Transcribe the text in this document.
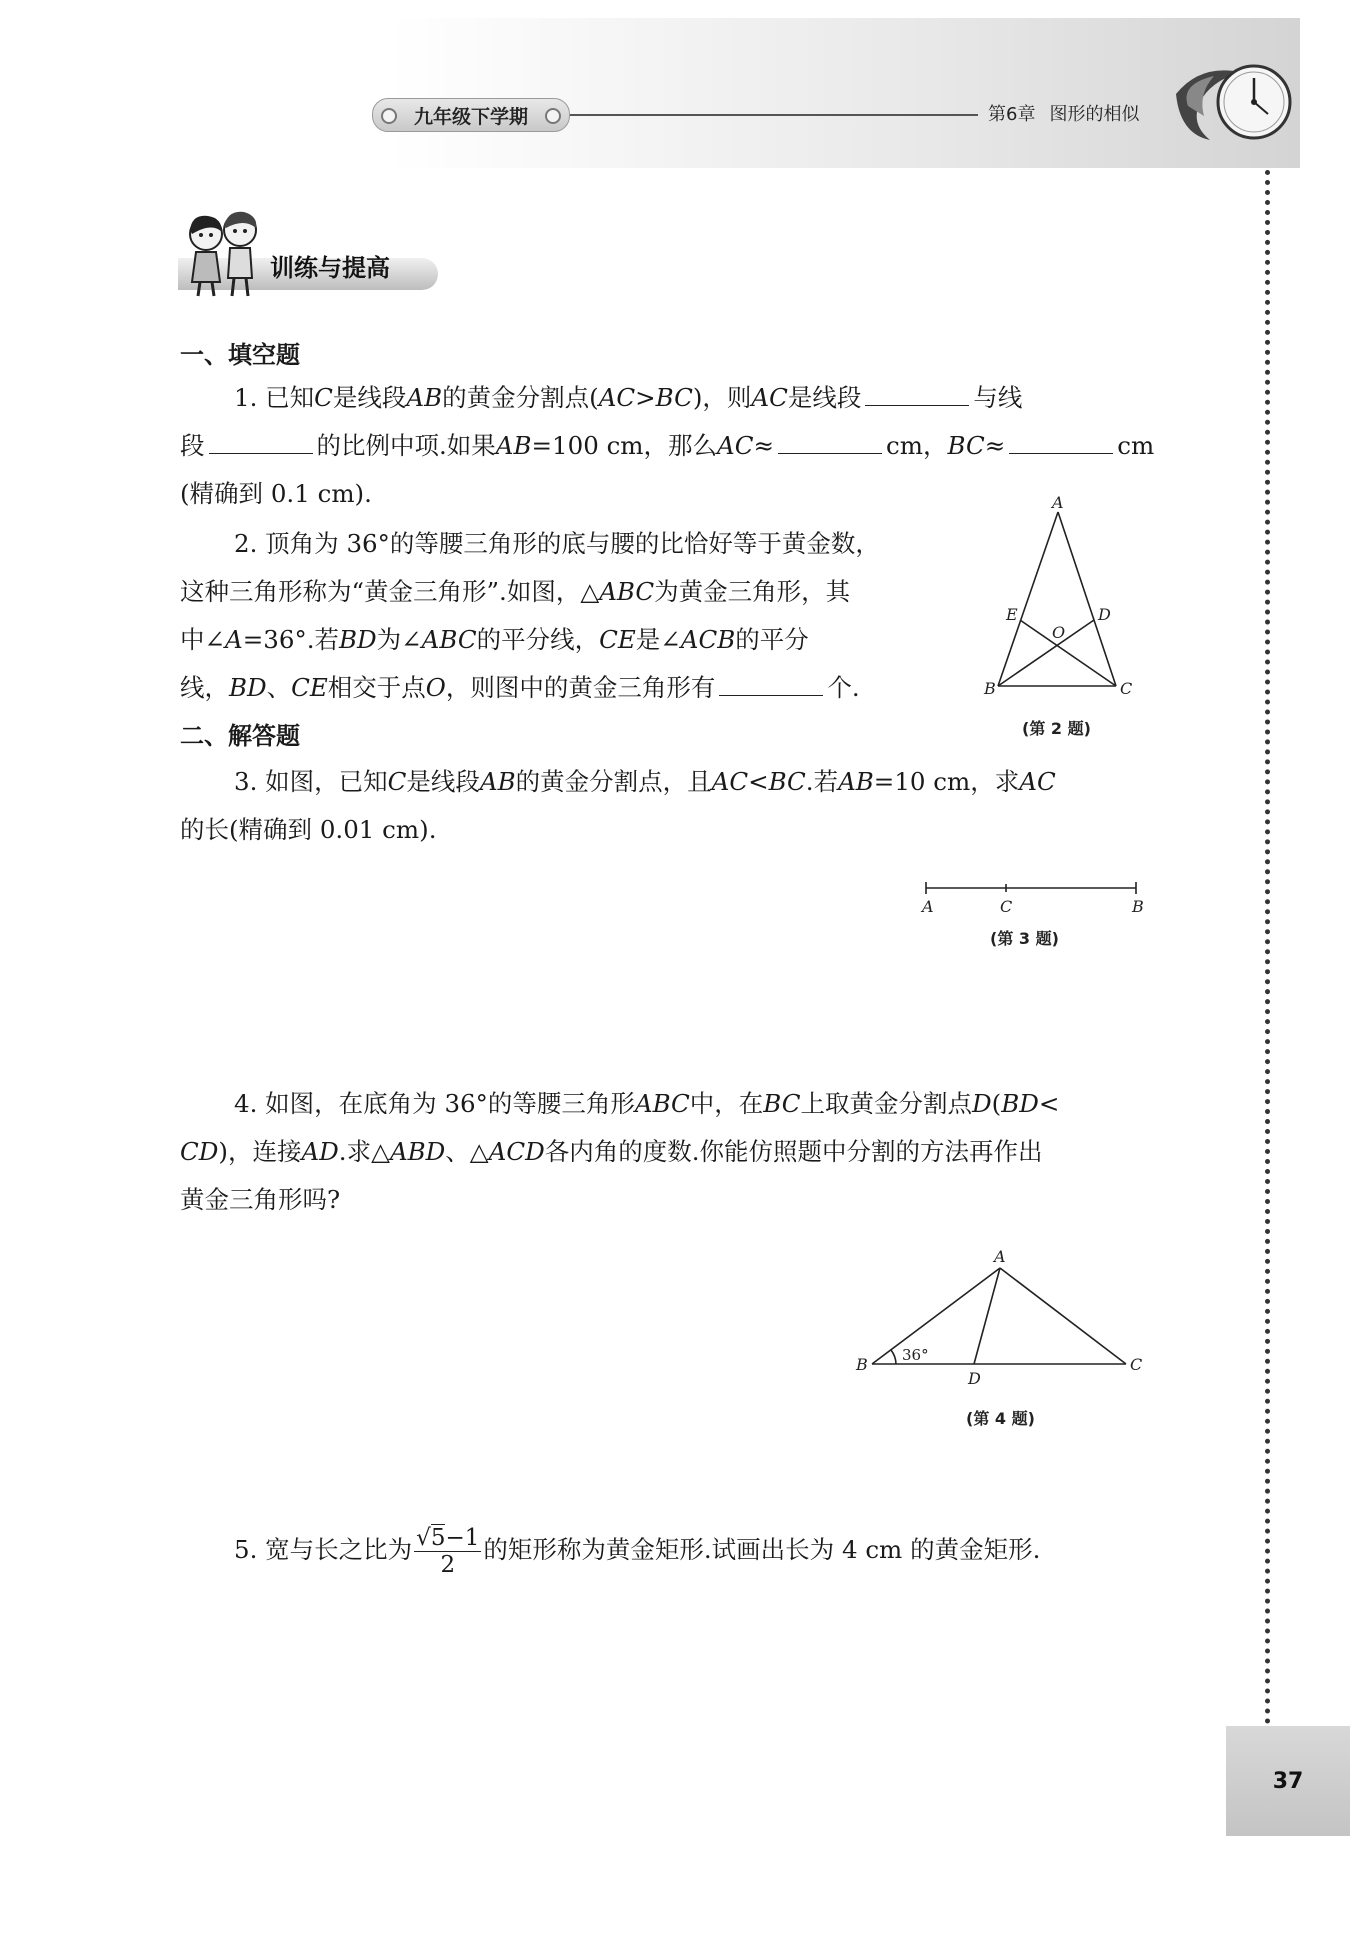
九年级下学期	第6章 图形的相似
37
训练与提高
一、填空题
1. 已知C是线段AB的黄金分割点(AC>BC)，则AC是线段	与线
段	的比例中项.如果AB=100 cm，那么AC≈	cm，BC≈	cm
(精确到 0.1 cm).
2. 顶角为 36°的等腰三角形的底与腰的比恰好等于黄金数，
这种三角形称为“黄金三角形”.如图，△ABC为黄金三角形，其
中∠A=36°.若BD为∠ABC的平分线，CE是∠ACB的平分
线，BD、CE相交于点O，则图中的黄金三角形有	个.
A
B	C
D
E
O
(第 2 题)
二、解答题
3. 如图，已知C是线段AB的黄金分割点，且AC<BC.若AB=10 cm，求AC
的长(精确到 0.01 cm).
A	C	B
(第 3 题)
4. 如图，在底角为 36°的等腰三角形ABC中，在BC上取黄金分割点D(BD<
CD)，连接AD.求△ABD、△ACD各内角的度数.你能仿照题中分割的方法再作出
黄金三角形吗?
A
B	C
D
36°
(第 4 题)
5. 宽与长之比为 $\frac{√5-1}{2}$ 的矩形称为黄金矩形.试画出长为 4 cm 的黄金矩形.
